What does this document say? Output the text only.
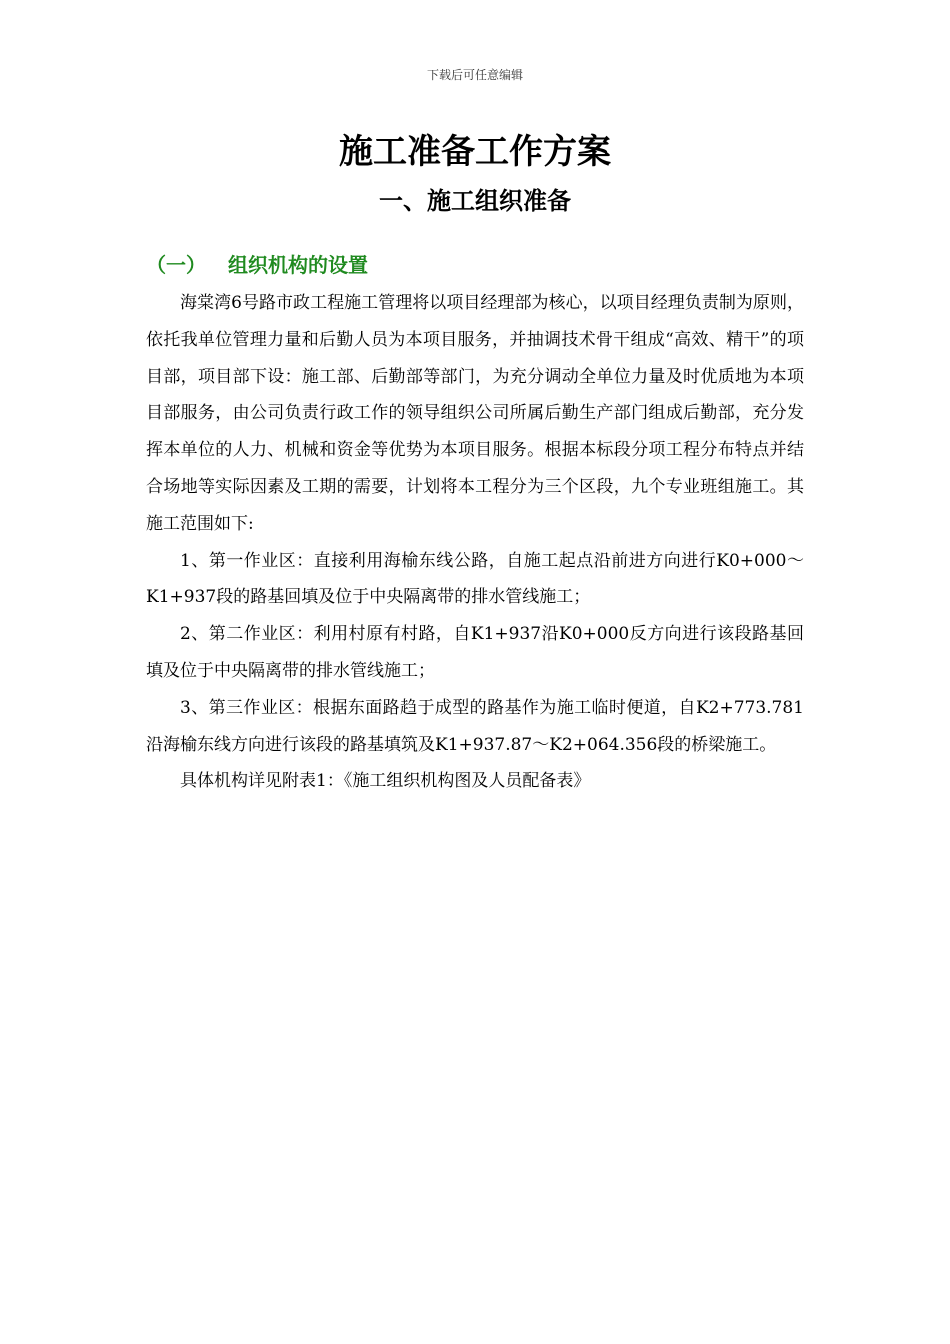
下载后可任意编辑
施工准备工作方案
一、施工组织准备
（一） 组织机构的设置

海棠湾6号路市政工程施工管理将以项目经理部为核心，以项目经理负责制为原则，依托我单位管理力量和后勤人员为本项目服务，并抽调技术骨干组成“高效、精干”的项目部，项目部下设：施工部、后勤部等部门，为充分调动全单位力量及时优质地为本项目部服务，由公司负责行政工作的领导组织公司所属后勤生产部门组成后勤部，充分发挥本单位的人力、机械和资金等优势为本项目服务。根据本标段分项工程分布特点并结合场地等实际因素及工期的需要，计划将本工程分为三个区段，九个专业班组施工。其施工范围如下:

1、第一作业区：直接利用海榆东线公路，自施工起点沿前进方向进行K0+000～K1+937段的路基回填及位于中央隔离带的排水管线施工；

2、第二作业区：利用村原有村路，自K1+937沿K0+000反方向进行该段路基回填及位于中央隔离带的排水管线施工；

3、第三作业区：根据东面路趋于成型的路基作为施工临时便道，自K2+773.781沿海榆东线方向进行该段的路基填筑及K1+937.87～K2+064.356段的桥梁施工。

具体机构详见附表1：《施工组织机构图及人员配备表》
